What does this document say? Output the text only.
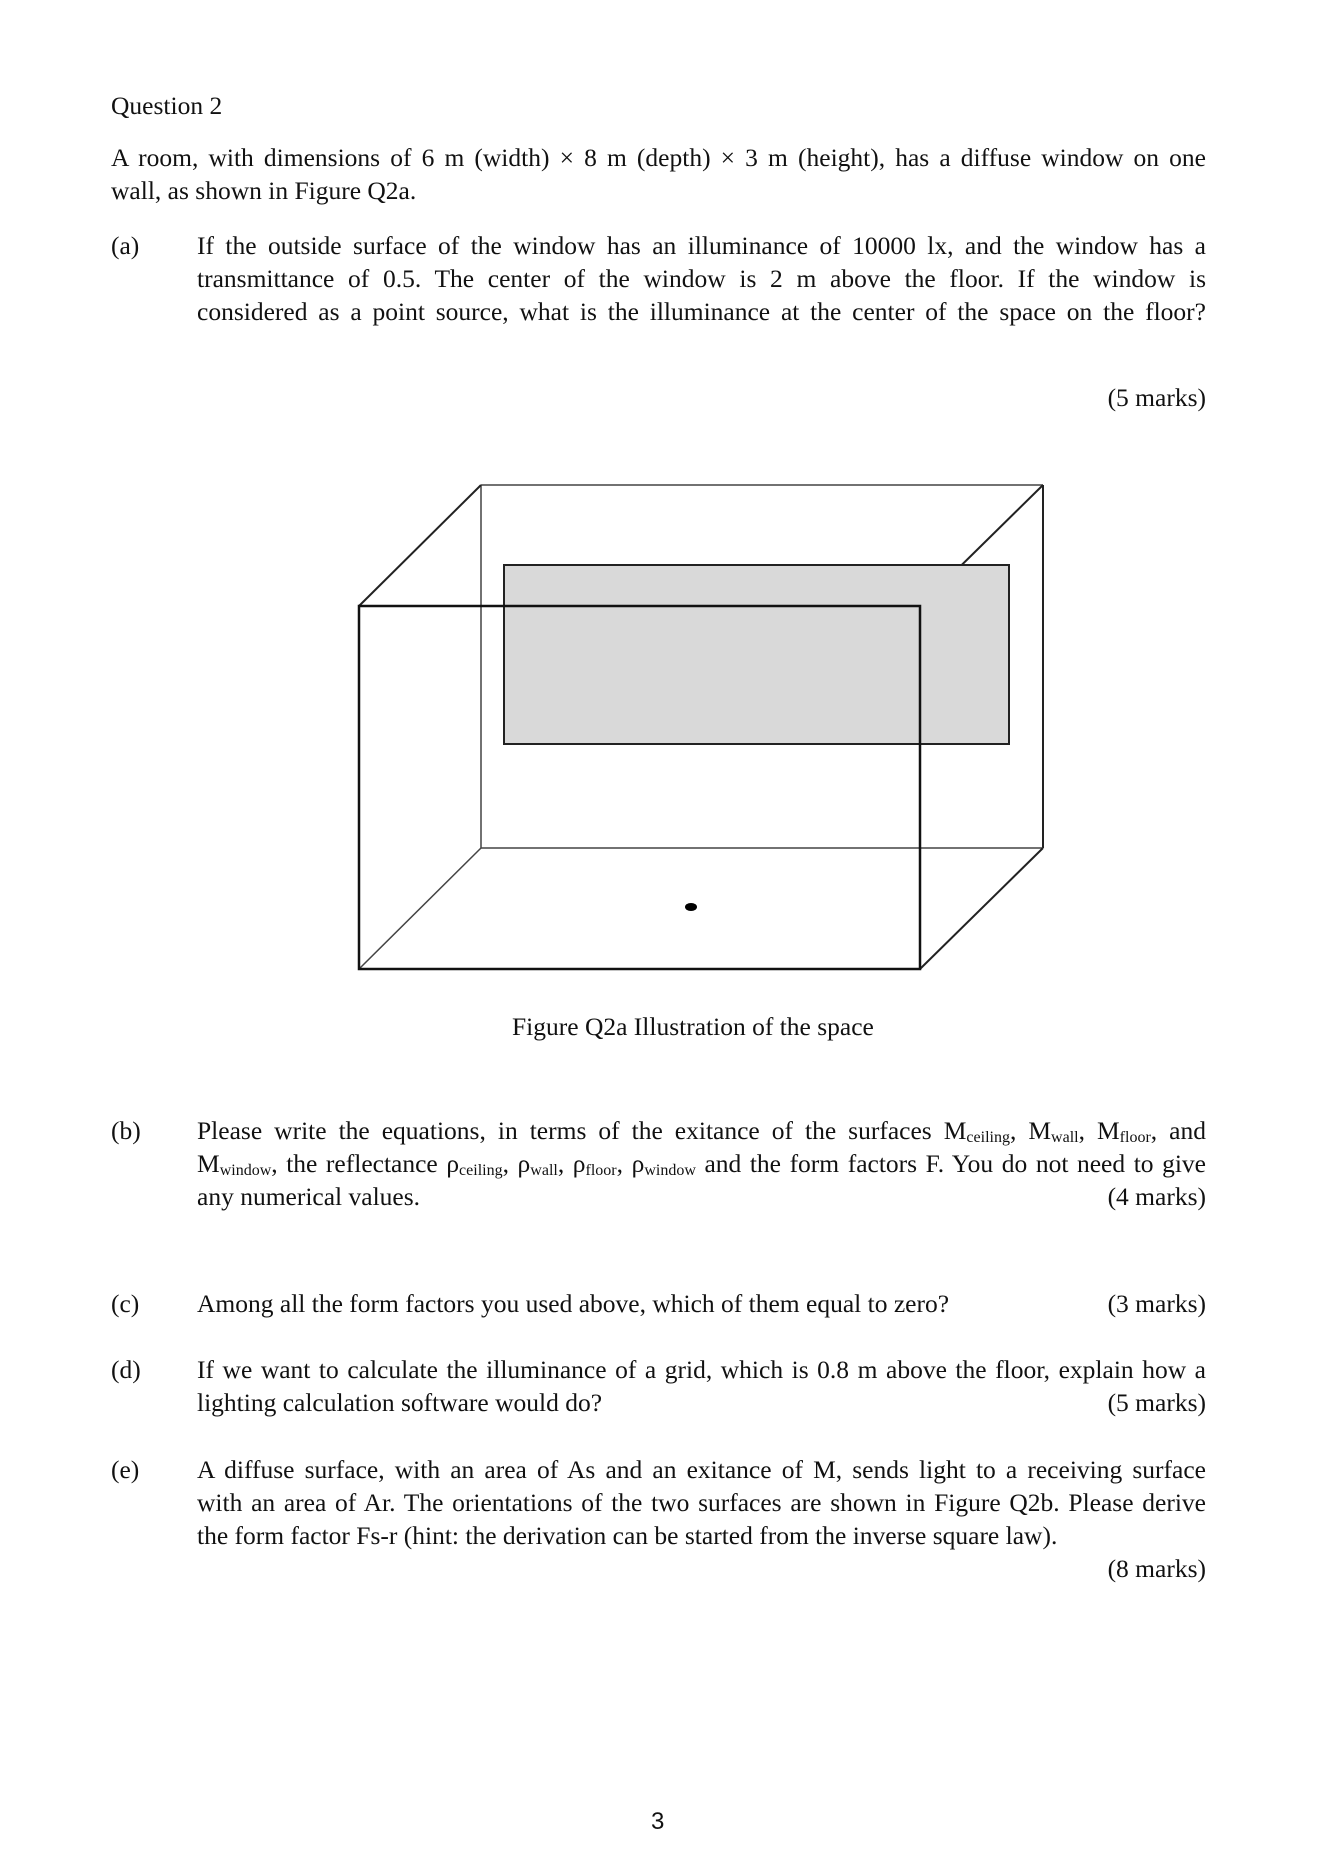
Question 2
A room, with dimensions of 6 m (width) × 8 m (depth) × 3 m (height), has a diffuse window on one
wall, as shown in Figure Q2a.
(a) If the outside surface of the window has an illuminance of 10000 lx, and the window has a
transmittance of 0.5. The center of the window is 2 m above the floor. If the window is
considered as a point source, what is the illuminance at the center of the space on the floor?
(5 marks)
Figure Q2a Illustration of the space
(b) Please write the equations, in terms of the exitance of the surfaces $M_{ceiling}$, $M_{wall}$, $M_{floor}$, and
$M_{window}$, the reflectance $\rho_{ceiling}$, $\rho_{wall}$, $\rho_{floor}$, $\rho_{window}$ and the form factors F. You do not need to give
any numerical values.	(4 marks)
(c) Among all the form factors you used above, which of them equal to zero?	(3 marks)
(d) If we want to calculate the illuminance of a grid, which is 0.8 m above the floor, explain how a
lighting calculation software would do?	(5 marks)
(e) A diffuse surface, with an area of As and an exitance of M, sends light to a receiving surface
with an area of Ar. The orientations of the two surfaces are shown in Figure Q2b. Please derive
the form factor Fs-r (hint: the derivation can be started from the inverse square law).
(8 marks)
3
